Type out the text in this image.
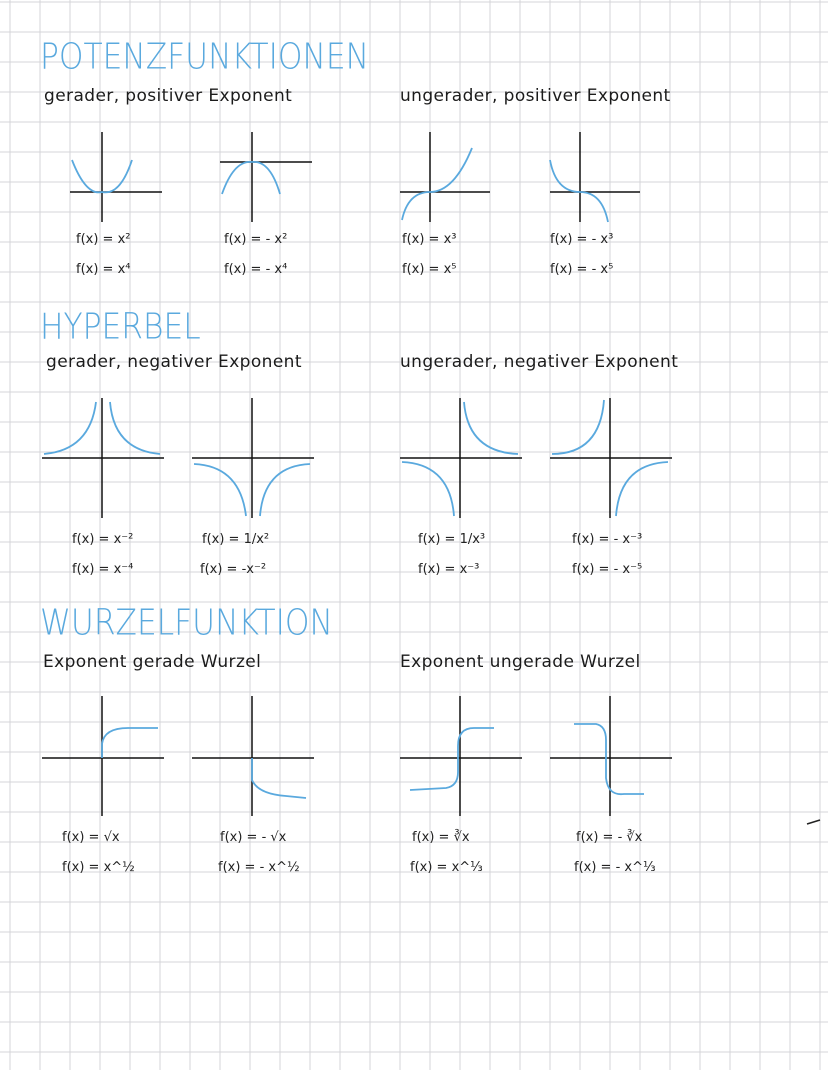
POTENZFUNKTIONEN
gerader, positiver Exponent	ungerader, positiver Exponent
HYPERBEL
gerader, negativer Exponent	ungerader, negativer Exponent
WURZELFUNKTION
Exponent gerade Wurzel	Exponent ungerade Wurzel
f(x) = x²
f(x) = x⁴
f(x) = - x²
f(x) = - x⁴
f(x) = x³
f(x) = x⁵
f(x) = - x³
f(x) = - x⁵
f(x) = x⁻²
f(x) = x⁻⁴
f(x) = 1/x²
f(x) = -x⁻²
f(x) = 1/x³
f(x) = x⁻³
f(x) = - x⁻³
f(x) = - x⁻⁵
f(x) = √x
f(x) = x^½
f(x) = - √x
f(x) = - x^½
f(x) = ∛x
f(x) = x^⅓
f(x) = - ∛x
f(x) = - x^⅓
